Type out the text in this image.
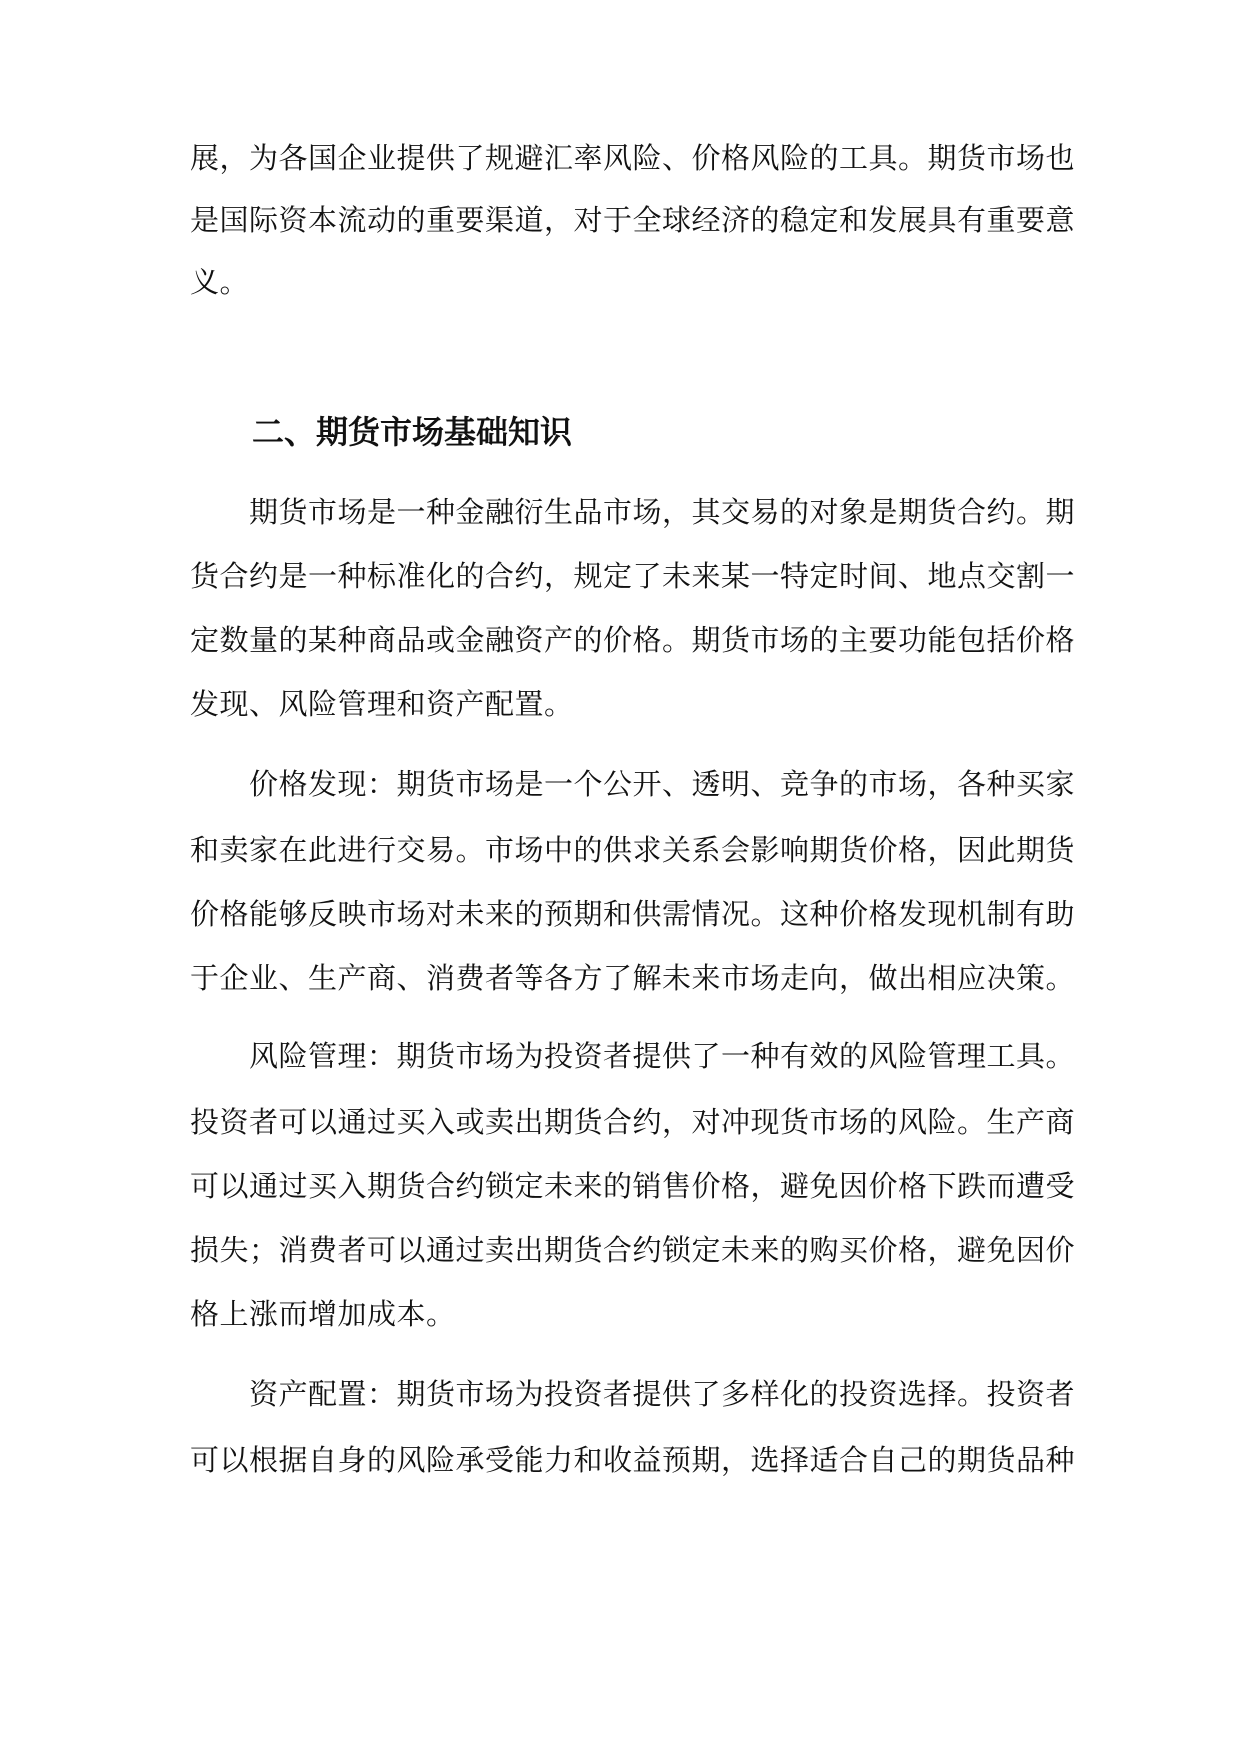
展，为各国企业提供了规避汇率风险、价格风险的工具。期货市场也
是国际资本流动的重要渠道，对于全球经济的稳定和发展具有重要意
义。
二、期货市场基础知识
　　期货市场是一种金融衍生品市场，其交易的对象是期货合约。期
货合约是一种标准化的合约，规定了未来某一特定时间、地点交割一
定数量的某种商品或金融资产的价格。期货市场的主要功能包括价格
发现、风险管理和资产配置。
　　价格发现：期货市场是一个公开、透明、竞争的市场，各种买家
和卖家在此进行交易。市场中的供求关系会影响期货价格，因此期货
价格能够反映市场对未来的预期和供需情况。这种价格发现机制有助
于企业、生产商、消费者等各方了解未来市场走向，做出相应决策。
　　风险管理：期货市场为投资者提供了一种有效的风险管理工具。
投资者可以通过买入或卖出期货合约，对冲现货市场的风险。生产商
可以通过买入期货合约锁定未来的销售价格，避免因价格下跌而遭受
损失；消费者可以通过卖出期货合约锁定未来的购买价格，避免因价
格上涨而增加成本。
　　资产配置：期货市场为投资者提供了多样化的投资选择。投资者
可以根据自身的风险承受能力和收益预期，选择适合自己的期货品种
